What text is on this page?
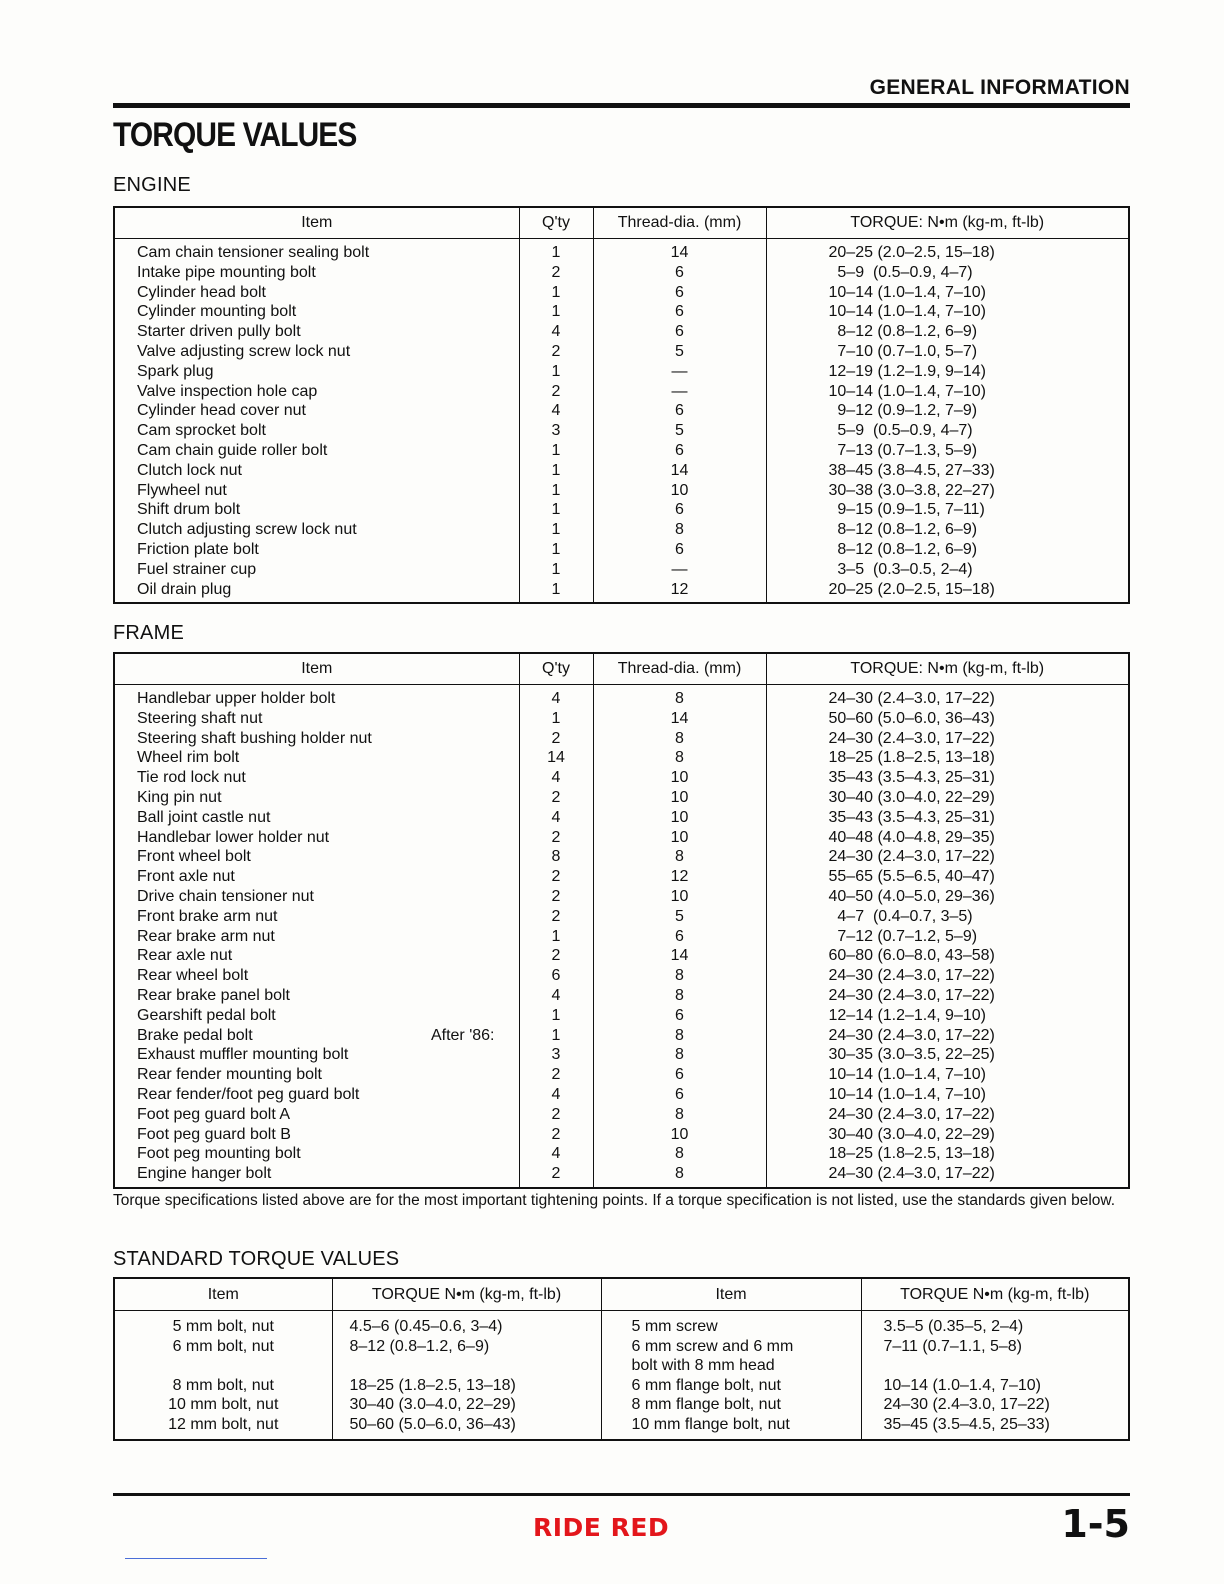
GENERAL INFORMATION
TORQUE VALUES
ENGINE
Item	Q'ty	Thread-dia. (mm)	TORQUE: N•m (kg-m, ft-lb)
Cam chain tensioner sealing bolt	1	14	20–25 (2.0–2.5, 15–18)
Intake pipe mounting bolt	2	6	5–9  (0.5–0.9, 4–7)
Cylinder head bolt	1	6	10–14 (1.0–1.4, 7–10)
Cylinder mounting bolt	1	6	10–14 (1.0–1.4, 7–10)
Starter driven pully bolt	4	6	8–12 (0.8–1.2, 6–9)
Valve adjusting screw lock nut	2	5	7–10 (0.7–1.0, 5–7)
Spark plug	1	—	12–19 (1.2–1.9, 9–14)
Valve inspection hole cap	2	—	10–14 (1.0–1.4, 7–10)
Cylinder head cover nut	4	6	9–12 (0.9–1.2, 7–9)
Cam sprocket bolt	3	5	5–9  (0.5–0.9, 4–7)
Cam chain guide roller bolt	1	6	7–13 (0.7–1.3, 5–9)
Clutch lock nut	1	14	38–45 (3.8–4.5, 27–33)
Flywheel nut	1	10	30–38 (3.0–3.8, 22–27)
Shift drum bolt	1	6	9–15 (0.9–1.5, 7–11)
Clutch adjusting screw lock nut	1	8	8–12 (0.8–1.2, 6–9)
Friction plate bolt	1	6	8–12 (0.8–1.2, 6–9)
Fuel strainer cup	1	—	3–5  (0.3–0.5, 2–4)
Oil drain plug	1	12	20–25 (2.0–2.5, 15–18)
FRAME
Item	Q'ty	Thread-dia. (mm)	TORQUE: N•m (kg-m, ft-lb)
Handlebar upper holder bolt	4	8	24–30 (2.4–3.0, 17–22)
Steering shaft nut	1	14	50–60 (5.0–6.0, 36–43)
Steering shaft bushing holder nut	2	8	24–30 (2.4–3.0, 17–22)
Wheel rim bolt	14	8	18–25 (1.8–2.5, 13–18)
Tie rod lock nut	4	10	35–43 (3.5–4.3, 25–31)
King pin nut	2	10	30–40 (3.0–4.0, 22–29)
Ball joint castle nut	4	10	35–43 (3.5–4.3, 25–31)
Handlebar lower holder nut	2	10	40–48 (4.0–4.8, 29–35)
Front wheel bolt	8	8	24–30 (2.4–3.0, 17–22)
Front axle nut	2	12	55–65 (5.5–6.5, 40–47)
Drive chain tensioner nut	2	10	40–50 (4.0–5.0, 29–36)
Front brake arm nut	2	5	4–7  (0.4–0.7, 3–5)
Rear brake arm nut	1	6	7–12 (0.7–1.2, 5–9)
Rear axle nut	2	14	60–80 (6.0–8.0, 43–58)
Rear wheel bolt	6	8	24–30 (2.4–3.0, 17–22)
Rear brake panel bolt	4	8	24–30 (2.4–3.0, 17–22)
Gearshift pedal bolt	1	6	12–14 (1.2–1.4, 9–10)
Brake pedal bolt After '86:	1	8	24–30 (2.4–3.0, 17–22)
Exhaust muffler mounting bolt	3	8	30–35 (3.0–3.5, 22–25)
Rear fender mounting bolt	2	6	10–14 (1.0–1.4, 7–10)
Rear fender/foot peg guard bolt	4	6	10–14 (1.0–1.4, 7–10)
Foot peg guard bolt A	2	8	24–30 (2.4–3.0, 17–22)
Foot peg guard bolt B	2	10	30–40 (3.0–4.0, 22–29)
Foot peg mounting bolt	4	8	18–25 (1.8–2.5, 13–18)
Engine hanger bolt	2	8	24–30 (2.4–3.0, 17–22)
Torque specifications listed above are for the most important tightening points. If a torque specification is not listed, use the standards given below.
STANDARD TORQUE VALUES
Item	TORQUE N•m (kg-m, ft-lb)	Item	TORQUE N•m (kg-m, ft-lb)
5 mm bolt, nut	4.5–6 (0.45–0.6, 3–4)	5 mm screw	3.5–5 (0.35–5, 2–4)
6 mm bolt, nut	8–12 (0.8–1.2, 6–9)	6 mm screw and 6 mm
bolt with 8 mm head	7–11 (0.7–1.1, 5–8)
8 mm bolt, nut	18–25 (1.8–2.5, 13–18)	6 mm flange bolt, nut	10–14 (1.0–1.4, 7–10)
10 mm bolt, nut	30–40 (3.0–4.0, 22–29)	8 mm flange bolt, nut	24–30 (2.4–3.0, 17–22)
12 mm bolt, nut	50–60 (5.0–6.0, 36–43)	10 mm flange bolt, nut	35–45 (3.5–4.5, 25–33)
RIDE RED	1-5
